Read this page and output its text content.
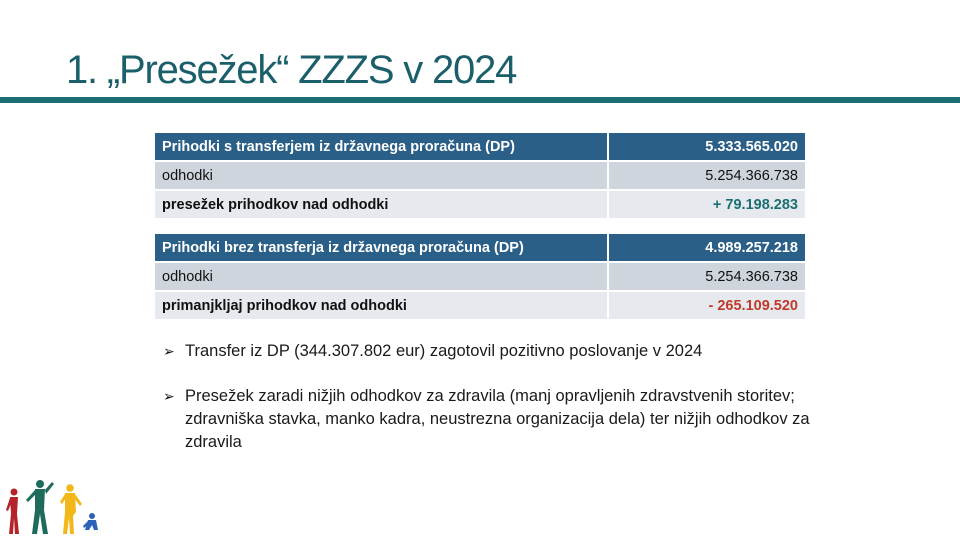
1. „Presežek“ ZZZS v 2024
Prihodki s transferjem iz državnega proračuna (DP)	5.333.565.020
odhodki	5.254.366.738
presežek prihodkov nad odhodki	+ 79.198.283
Prihodki brez transferja iz državnega proračuna (DP)	4.989.257.218
odhodki	5.254.366.738
primanjkljaj prihodkov nad odhodki	- 265.109.520
➢ Transfer iz DP (344.307.802 eur) zagotovil pozitivno poslovanje v 2024
➢ Presežek zaradi nižjih odhodkov za zdravila (manj opravljenih zdravstvenih storitev; zdravniška stavka, manko kadra, neustrezna organizacija dela) ter nižjih odhodkov za zdravila
